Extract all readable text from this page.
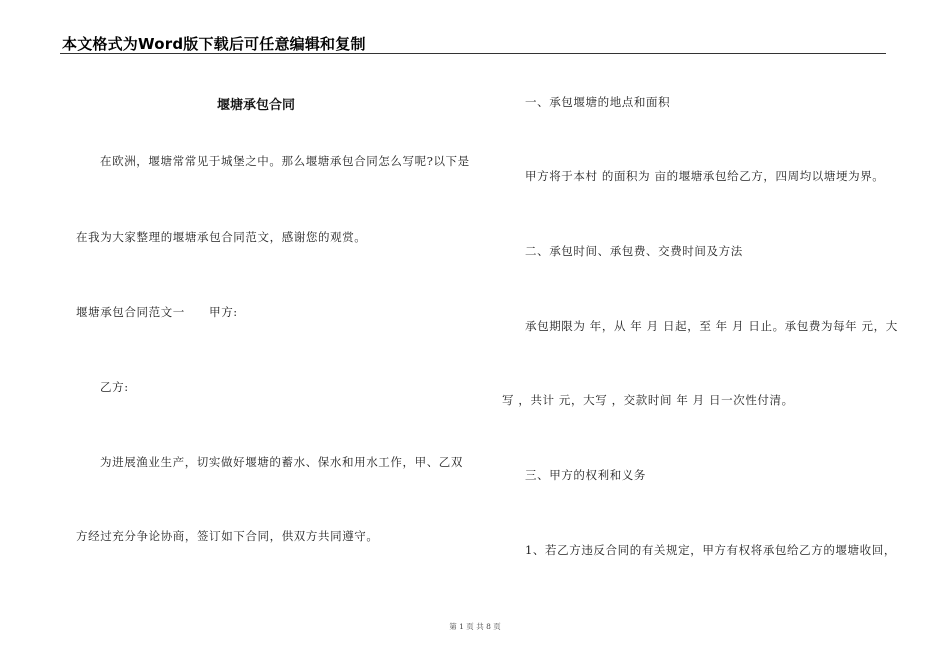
本文格式为Word版下载后可任意编辑和复制
堰塘承包合同
在欧洲，堰塘常常见于城堡之中。那么堰塘承包合同怎么写呢?以下是
在我为大家整理的堰塘承包合同范文，感谢您的观赏。
堰塘承包合同范文一　　甲方:
乙方:
为进展渔业生产，切实做好堰塘的蓄水、保水和用水工作，甲、乙双
方经过充分争论协商，签订如下合同，供双方共同遵守。
一、承包堰塘的地点和面积
甲方将于本村 的面积为 亩的堰塘承包给乙方，四周均以塘埂为界。
二、承包时间、承包费、交费时间及方法
承包期限为 年，从 年 月 日起，至 年 月 日止。承包费为每年 元，大
写 ，共计 元，大写 ，交款时间 年 月 日一次性付清。
三、甲方的权利和义务
1、若乙方违反合同的有关规定，甲方有权将承包给乙方的堰塘收回，
第 1 页 共 8 页
